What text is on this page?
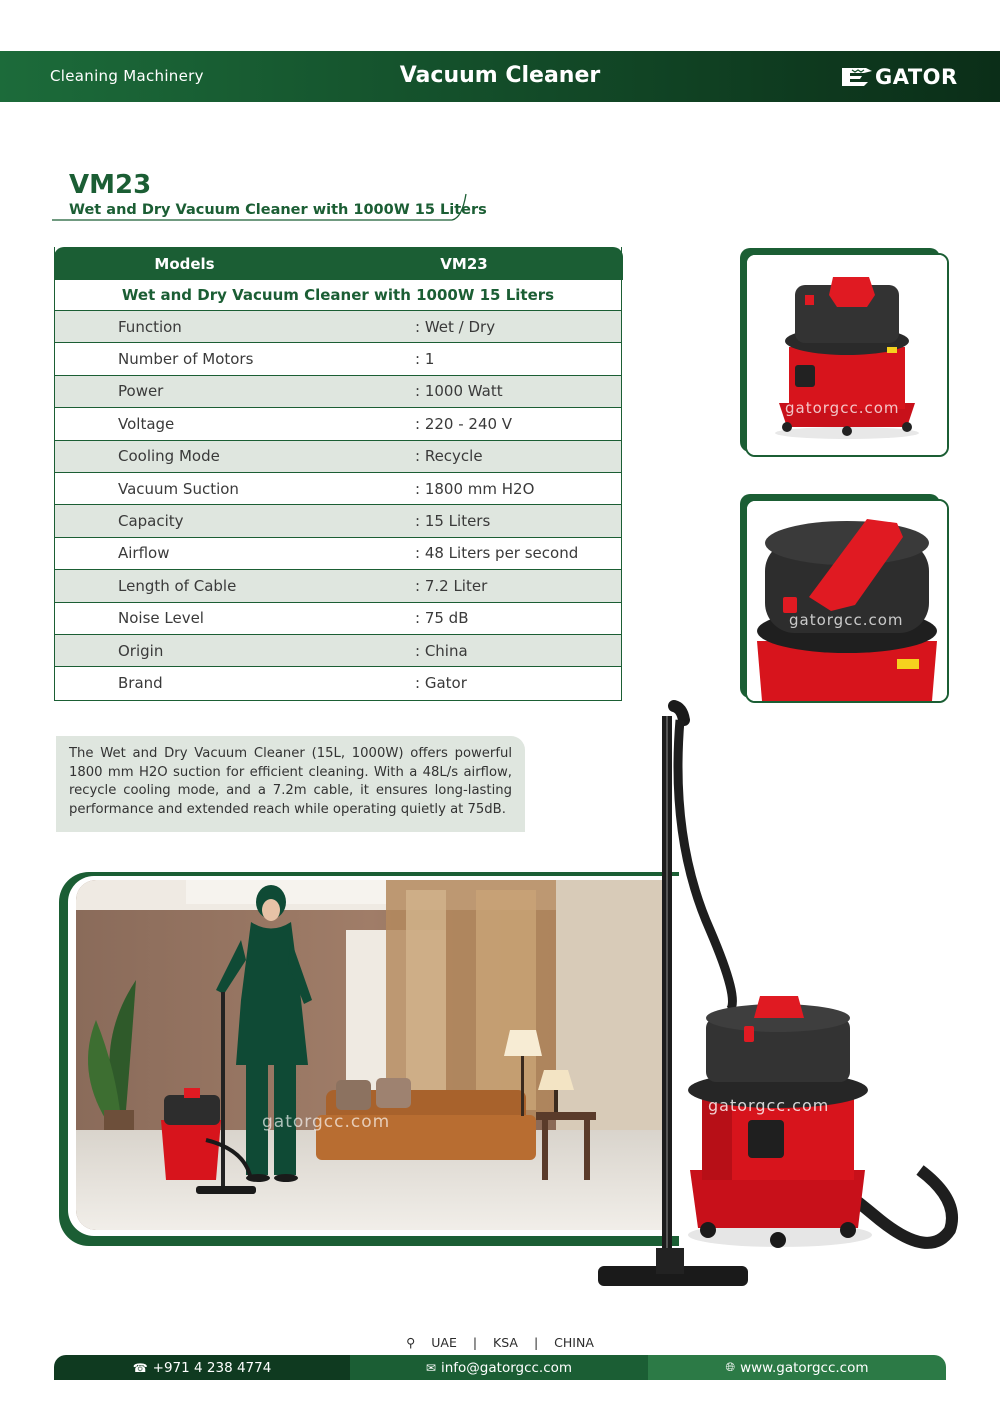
Cleaning Machinery	Vacuum Cleaner	GATOR
VM23
Wet and Dry Vacuum Cleaner with 1000W 15 Liters
Models	VM23
Wet and Dry Vacuum Cleaner with 1000W 15 Liters
Function	: Wet / Dry
Number of Motors	: 1
Power	: 1000 Watt
Voltage	: 220 - 240 V
Cooling Mode	: Recycle
Vacuum Suction	: 1800 mm H2O
Capacity	: 15 Liters
Airflow	: 48 Liters per second
Length of Cable	: 7.2 Liter
Noise Level	: 75 dB
Origin	: China
Brand	: Gator
The Wet and Dry Vacuum Cleaner (15L, 1000W) offers powerful 1800 mm H2O suction for efficient cleaning. With a 48L/s airflow, recycle cooling mode, and a 7.2m cable, it ensures long-lasting performance and extended reach while operating quietly at 75dB.
gatorgcc.com
gatorgcc.com
gatorgcc.com
gatorgcc.com
⚲ UAE | KSA | CHINA
☎ +971 4 238 4774	✉ info@gatorgcc.com	🌐︎ www.gatorgcc.com
